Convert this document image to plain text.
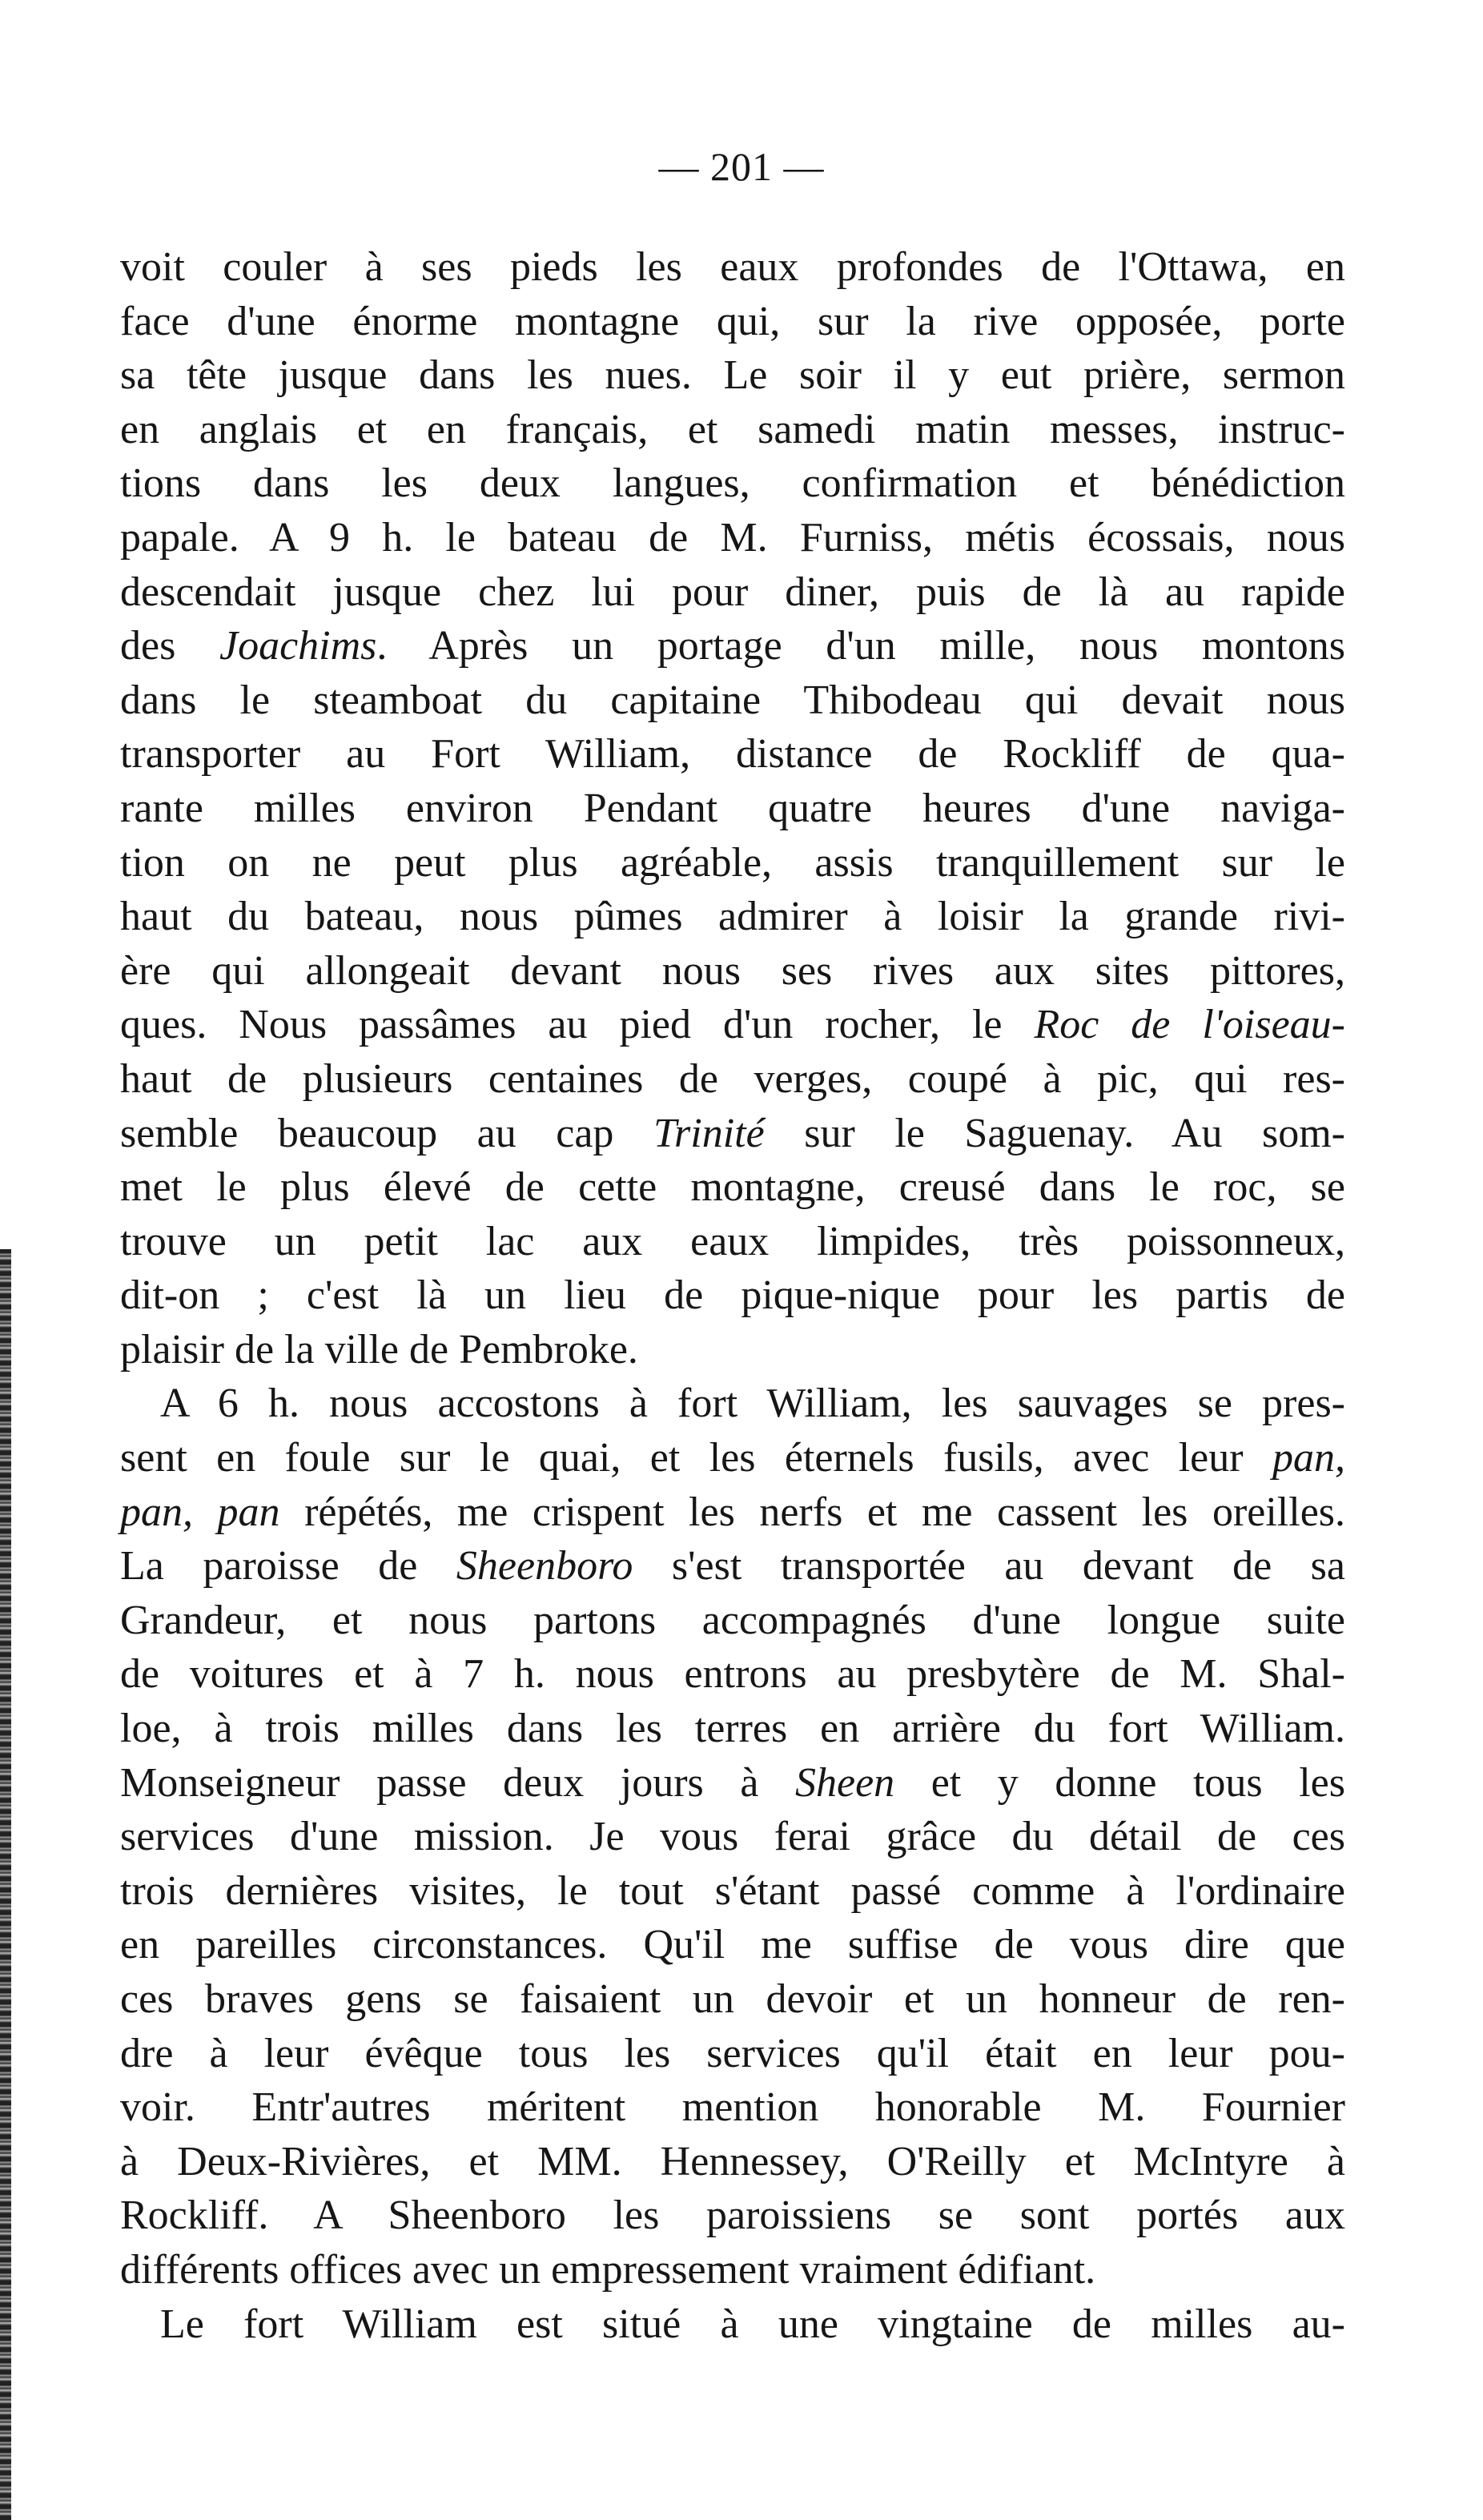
— 201 —
voit couler à ses pieds les eaux profondes de l'Ottawa, en
face d'une énorme montagne qui, sur la rive opposée, porte
sa tête jusque dans les nues. Le soir il y eut prière, sermon
en anglais et en français, et samedi matin messes, instruc-
tions dans les deux langues, confirmation et bénédiction
papale. A 9 h. le bateau de M. Furniss, métis écossais, nous
descendait jusque chez lui pour diner, puis de là au rapide
des Joachims. Après un portage d'un mille, nous montons
dans le steamboat du capitaine Thibodeau qui devait nous
transporter au Fort William, distance de Rockliff de qua-
rante milles environ Pendant quatre heures d'une naviga-
tion on ne peut plus agréable, assis tranquillement sur le
haut du bateau, nous pûmes admirer à loisir la grande rivi-
ère qui allongeait devant nous ses rives aux sites pittores,
ques. Nous passâmes au pied d'un rocher, le Roc de l'oiseau-
haut de plusieurs centaines de verges, coupé à pic, qui res-
semble beaucoup au cap Trinité sur le Saguenay. Au som-
met le plus élevé de cette montagne, creusé dans le roc, se
trouve un petit lac aux eaux limpides, très poissonneux,
dit-on ; c'est là un lieu de pique-nique pour les partis de
plaisir de la ville de Pembroke.
A 6 h. nous accostons à fort William, les sauvages se pres-
sent en foule sur le quai, et les éternels fusils, avec leur pan,
pan, pan répétés, me crispent les nerfs et me cassent les oreilles.
La paroisse de Sheenboro s'est transportée au devant de sa
Grandeur, et nous partons accompagnés d'une longue suite
de voitures et à 7 h. nous entrons au presbytère de M. Shal-
loe, à trois milles dans les terres en arrière du fort William.
Monseigneur passe deux jours à Sheen et y donne tous les
services d'une mission. Je vous ferai grâce du détail de ces
trois dernières visites, le tout s'étant passé comme à l'ordinaire
en pareilles circonstances. Qu'il me suffise de vous dire que
ces braves gens se faisaient un devoir et un honneur de ren-
dre à leur évêque tous les services qu'il était en leur pou-
voir. Entr'autres méritent mention honorable M. Fournier
à Deux-Rivières, et MM. Hennessey, O'Reilly et McIntyre à
Rockliff. A Sheenboro les paroissiens se sont portés aux
différents offices avec un empressement vraiment édifiant.
Le fort William est situé à une vingtaine de milles au-
